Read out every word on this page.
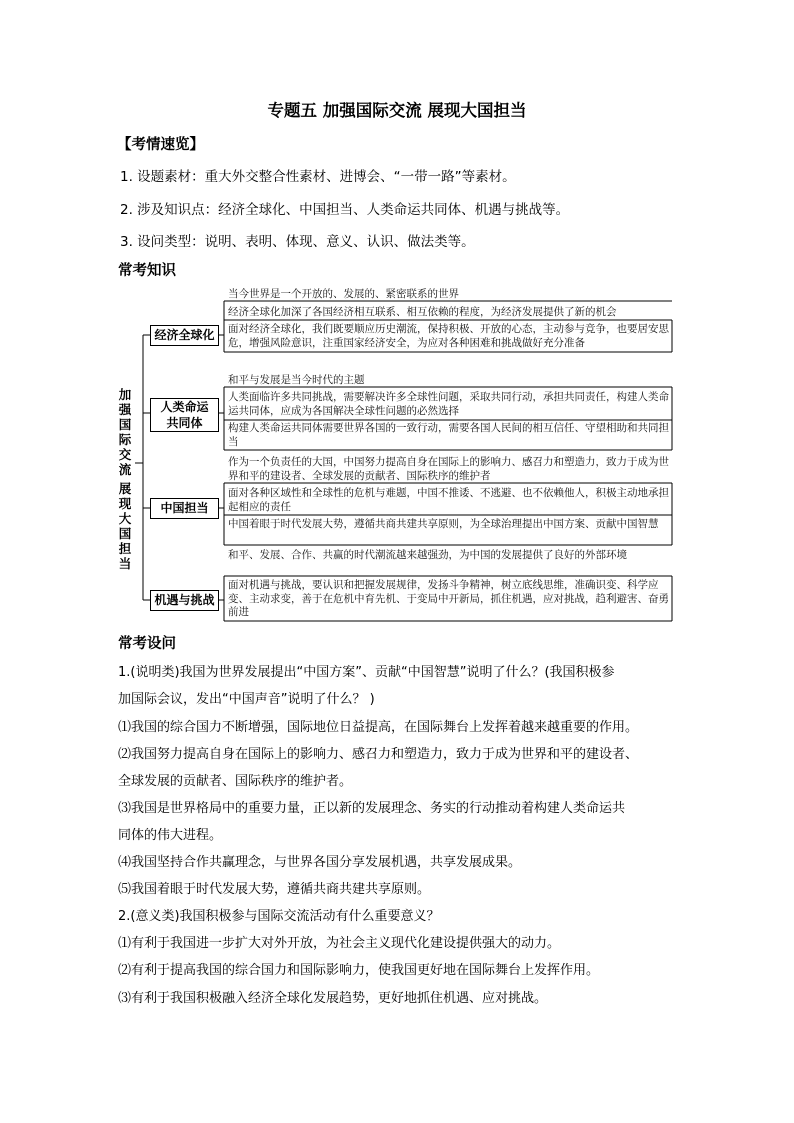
专题五 加强国际交流 展现大国担当
【考情速览】
1. 设题素材：重大外交整合性素材、进博会、“一带一路”等素材。
2. 涉及知识点：经济全球化、中国担当、人类命运共同体、机遇与挑战等。
3. 设问类型：说明、表明、体现、意义、认识、做法类等。
常考知识
加
强
国
际
交
流
展
现
大
国
担
当
经济全球化
人类命运
共同体
中国担当
机遇与挑战
当今世界是一个开放的、发展的、紧密联系的世界
经济全球化加深了各国经济相互联系、相互依赖的程度，为经济发展提供了新的机会
面对经济全球化，我们既要顺应历史潮流，保持积极、开放的心态，主动参与竞争，也要居安思危，增强风险意识，注重国家经济安全，为应对各种困难和挑战做好充分准备
和平与发展是当今时代的主题
人类面临许多共同挑战，需要解决许多全球性问题，采取共同行动，承担共同责任，构建人类命运共同体，应成为各国解决全球性问题的必然选择
构建人类命运共同体需要世界各国的一致行动，需要各国人民间的相互信任、守望相助和共同担当
作为一个负责任的大国，中国努力提高自身在国际上的影响力、感召力和塑造力，致力于成为世界和平的建设者、全球发展的贡献者、国际秩序的维护者
面对各种区域性和全球性的危机与难题，中国不推诿、不逃避、也不依赖他人，积极主动地承担起相应的责任
中国着眼于时代发展大势，遵循共商共建共享原则，为全球治理提出中国方案、贡献中国智慧
和平、发展、合作、共赢的时代潮流越来越强劲，为中国的发展提供了良好的外部环境
面对机遇与挑战，要认识和把握发展规律，发扬斗争精神，树立底线思维，准确识变、科学应变、主动求变，善于在危机中育先机、于变局中开新局，抓住机遇，应对挑战，趋利避害、奋勇前进
常考设问
1.(说明类)我国为世界发展提出“中国方案”、贡献“中国智慧”说明了什么？(我国积极参
加国际会议，发出“中国声音”说明了什么？ )
⑴我国的综合国力不断增强，国际地位日益提高，在国际舞台上发挥着越来越重要的作用。
⑵我国努力提高自身在国际上的影响力、感召力和塑造力，致力于成为世界和平的建设者、
全球发展的贡献者、国际秩序的维护者。
⑶我国是世界格局中的重要力量，正以新的发展理念、务实的行动推动着构建人类命运共
同体的伟大进程。
⑷我国坚持合作共赢理念，与世界各国分享发展机遇，共享发展成果。
⑸我国着眼于时代发展大势，遵循共商共建共享原则。
2.(意义类)我国积极参与国际交流活动有什么重要意义？
⑴有利于我国进一步扩大对外开放，为社会主义现代化建设提供强大的动力。
⑵有利于提高我国的综合国力和国际影响力，使我国更好地在国际舞台上发挥作用。
⑶有利于我国积极融入经济全球化发展趋势，更好地抓住机遇、应对挑战。
